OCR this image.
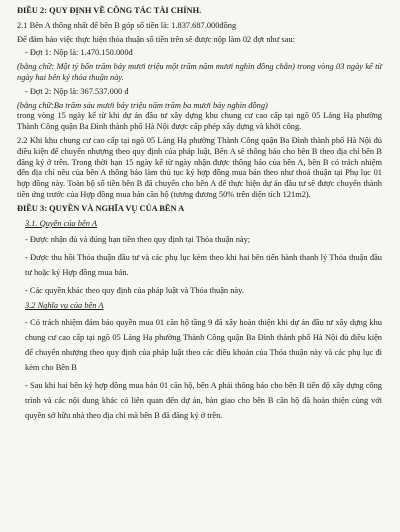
ĐIỀU 2: QUY ĐỊNH VỀ CÔNG TÁC TÀI CHÍNH.
2.1 Bên A thông nhất để bên B góp số tiền là: 1.837.687.000đồng
Để đảm bảo việc thực hiện thỏa thuận số tiền trên sẽ được nộp làm 02 đợt như sau:
- Đợt 1: Nộp là: 1.470.150.000đ
(bằng chữ: Một tỷ bốn trăm bảy mươi triệu một trăm năm mươi nghìn đồng chẵn) trong vòng 03 ngày kể từ ngày hai bên ký thỏa thuận này.
- Đợt 2: Nộp là: 367.537.000 đ
(bằng chữ:Ba trăm sáu mươi bảy triệu năm trăm ba mươi bảy nghìn đồng)
trong vòng 15 ngày kể từ khi dự án đầu tư xây dựng khu chung cư cao cấp tại ngõ 05 Láng Hạ phường Thành Công quận Ba Đình thành phố Hà Nội được cấp phép xây dựng và khởi công.
2.2 Khi khu chung cư cao cấp tại ngõ 05 Láng Hạ phường Thành Công quận Ba Đình thành phố Hà Nội đủ điều kiện để chuyển nhượng theo quy định của pháp luật, Bên A sẽ thông báo cho bên B theo địa chỉ bên B đăng ký ở trên. Trong thời hạn 15 ngày kể từ ngày nhận được thông báo của bên A, bên B có trách nhiệm đến địa chỉ nêu của bên A thông báo làm thủ tục ký hợp đồng mua bán theo như thoả thuận tại Phụ lục 01 hợp đồng này. Toàn bộ số tiền bên B đã chuyển cho bên A để thực hiện dự án đầu tư sẽ được chuyển thành tiền ứng trước của Hợp đồng mua bán căn hộ (tương đương 50% trên diện tích 121m2).
ĐIỀU 3: QUYỀN VÀ NGHĨA VỤ CỦA BÊN A
3.1. Quyền của bên A
- Được nhận đủ và đúng hạn tiền theo quy định tại Thỏa thuận này;
- Được thu hồi Thỏa thuận đầu tư và các phụ lục kèm theo khi hai bên tiến hành thanh lý Thỏa thuận đầu tư hoặc ký Hợp đồng mua bán.
- Các quyền khác theo quy định của pháp luật và Thỏa thuận này.
3.2 Nghĩa vụ của bên A
- Có trách nhiệm đảm bảo quyền mua 01 căn hộ tầng 9 đã xây hoàn thiện khi dự án đầu tư xây dựng khu chung cư cao cấp tại ngõ 05 Láng Hạ phường Thành Công quận Ba Đình thành phố Hà Nội đủ điều kiện để chuyển nhượng theo quy định của pháp luật theo các điều khoản của Thỏa thuận này và các phụ lục đi kèm cho Bên B
- Sau khi hai bên ký hợp đồng mua bán 01 căn hộ, bên A phải thông báo cho bên B tiến độ xây dựng công trình và các nội dung khác có liên quan đến dự án, bàn giao cho bên B căn hộ đã hoàn thiện cùng với quyền sở hữu nhà theo địa chỉ mà bên B đã đăng ký ở trên.
